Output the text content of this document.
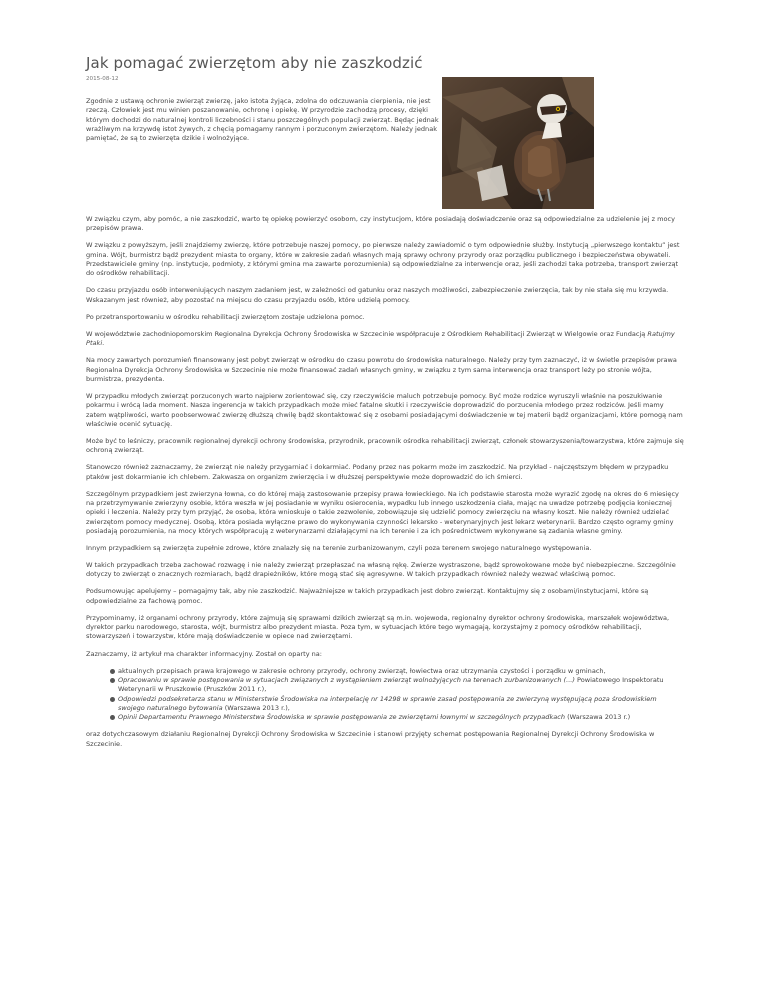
Jak pomagać zwierzętom aby nie zaszkodzić
2015-08-12

Zgodnie z ustawą ochronie zwierząt zwierzę, jako istota żyjąca, zdolna do odczuwania cierpienia, nie jest rzeczą. Człowiek jest mu winien poszanowanie, ochronę i opiekę. W przyrodzie zachodzą procesy, dzięki którym dochodzi do naturalnej kontroli liczebności i stanu poszczególnych populacji zwierząt. Będąc jednak wrażliwym na krzywdę istot żywych, z chęcią pomagamy rannym i porzuconym zwierzętom. Należy jednak pamiętać, że są to zwierzęta dzikie i wolnożyjące.

W związku czym, aby pomóc, a nie zaszkodzić, warto tę opiekę powierzyć osobom, czy instytucjom, które posiadają doświadczenie oraz są odpowiedzialne za udzielenie jej z mocy przepisów prawa.

W związku z powyższym, jeśli znajdziemy zwierzę, które potrzebuje naszej pomocy, po pierwsze należy zawiadomić o tym odpowiednie służby. Instytucją „pierwszego kontaktu” jest gmina. Wójt, burmistrz bądź prezydent miasta to organy, które w zakresie zadań własnych mają sprawy ochrony przyrody oraz porządku publicznego i bezpieczeństwa obywateli. Przedstawiciele gminy (np. instytucje, podmioty, z którymi gmina ma zawarte porozumienia) są odpowiedzialne za interwencje oraz, jeśli zachodzi taka potrzeba, transport zwierząt do ośrodków rehabilitacji.

Do czasu przyjazdu osób interweniujących naszym zadaniem jest, w zależności od gatunku oraz naszych możliwości, zabezpieczenie zwierzęcia, tak by nie stała się mu krzywda. Wskazanym jest również, aby pozostać na miejscu do czasu przyjazdu osób, które udzielą pomocy.

Po przetransportowaniu w ośrodku rehabilitacji zwierzętom zostaje udzielona pomoc.

W województwie zachodniopomorskim Regionalna Dyrekcja Ochrony Środowiska w Szczecinie współpracuje z Ośrodkiem Rehabilitacji Zwierząt w Wielgowie oraz Fundacją Ratujmy Ptaki.

Na mocy zawartych porozumień finansowany jest pobyt zwierząt w ośrodku do czasu powrotu do środowiska naturalnego. Należy przy tym zaznaczyć, iż w świetle przepisów prawa Regionalna Dyrekcja Ochrony Środowiska w Szczecinie nie może finansować zadań własnych gminy, w związku z tym sama interwencja oraz transport leży po stronie wójta, burmistrza, prezydenta.

W przypadku młodych zwierząt porzuconych warto najpierw zorientować się, czy rzeczywiście maluch potrzebuje pomocy. Być może rodzice wyruszyli właśnie na poszukiwanie pokarmu i wrócą lada moment. Nasza ingerencja w takich przypadkach może mieć fatalne skutki i rzeczywiście doprowadzić do porzucenia młodego przez rodziców. Jeśli mamy zatem wątpliwości, warto poobserwować zwierzę dłuższą chwilę bądź skontaktować się z osobami posiadającymi doświadczenie w tej materii bądź organizacjami, które pomogą nam właściwie ocenić sytuację.

Może być to leśniczy, pracownik regionalnej dyrekcji ochrony środowiska, przyrodnik, pracownik ośrodka rehabilitacji zwierząt, członek stowarzyszenia/towarzystwa, które zajmuje się ochroną zwierząt.

Stanowczo również zaznaczamy, że zwierząt nie należy przygarniać i dokarmiać. Podany przez nas pokarm może im zaszkodzić. Na przykład - najczęstszym błędem w przypadku ptaków jest dokarmianie ich chlebem. Zakwasza on organizm zwierzęcia i w dłuższej perspektywie może doprowadzić do ich śmierci.

Szczególnym przypadkiem jest zwierzyna łowna, co do której mają zastosowanie przepisy prawa łowieckiego. Na ich podstawie starosta może wyrazić zgodę na okres do 6 miesięcy na przetrzymywanie zwierzyny osobie, która weszła w jej posiadanie w wyniku osierocenia, wypadku lub innego uszkodzenia ciała, mając na uwadze potrzebę podjęcia koniecznej opieki i leczenia. Należy przy tym przyjąć, że osoba, która wnioskuje o takie zezwolenie, zobowiązuje się udzielić pomocy zwierzęciu na własny koszt. Nie należy również udzielać zwierzętom pomocy medycznej. Osobą, która posiada wyłączne prawo do wykonywania czynności lekarsko - weterynaryjnych jest lekarz weterynarii. Bardzo często ogramy gminy posiadają porozumienia, na mocy których współpracują z weterynarzami działającymi na ich terenie i za ich pośrednictwem wykonywane są zadania własne gminy.

Innym przypadkiem są zwierzęta zupełnie zdrowe, które znalazły się na terenie zurbanizowanym, czyli poza terenem swojego naturalnego występowania.

W takich przypadkach trzeba zachować rozwagę i nie należy zwierząt przepłaszać na własną rękę. Zwierze wystraszone, bądź sprowokowane może być niebezpieczne. Szczególnie dotyczy to zwierząt o znacznych rozmiarach, bądź drapieżników, które mogą stać się agresywne. W takich przypadkach również należy wezwać właściwą pomoc.

Podsumowując apelujemy – pomagajmy tak, aby nie zaszkodzić. Najważniejsze w takich przypadkach jest dobro zwierząt. Kontaktujmy się z osobami/instytucjami, które są odpowiedzialne za fachową pomoc.

Przypominamy, iż organami ochrony przyrody, które zajmują się sprawami dzikich zwierząt są m.in. wojewoda, regionalny dyrektor ochrony środowiska, marszałek województwa, dyrektor parku narodowego, starosta, wójt, burmistrz albo prezydent miasta. Poza tym, w sytuacjach które tego wymagają, korzystajmy z pomocy ośrodków rehabilitacji, stowarzyszeń i towarzystw, które mają doświadczenie w opiece nad zwierzętami.

Zaznaczamy, iż artykuł ma charakter informacyjny. Został on oparty na:

aktualnych przepisach prawa krajowego w zakresie ochrony przyrody, ochrony zwierząt, łowiectwa oraz utrzymania czystości i porządku w gminach,
Opracowaniu w sprawie postępowania w sytuacjach związanych z wystąpieniem zwierząt wolnożyjących na terenach zurbanizowanych (...) Powiatowego Inspektoratu Weterynarii w Pruszkowie (Pruszków 2011 r.),
Odpowiedzi podsekretarza stanu w Ministerstwie Środowiska na interpelację nr 14298 w sprawie zasad postępowania ze zwierzyną występującą poza środowiskiem swojego naturalnego bytowania (Warszawa 2013 r.),
Opinii Departamentu Prawnego Ministerstwa Środowiska w sprawie postępowania ze zwierzętami łownymi w szczególnych przypadkach (Warszawa 2013 r.)

oraz dotychczasowym działaniu Regionalnej Dyrekcji Ochrony Środowiska w Szczecinie i stanowi przyjęty schemat postępowania Regionalnej Dyrekcji Ochrony Środowiska w Szczecinie.
